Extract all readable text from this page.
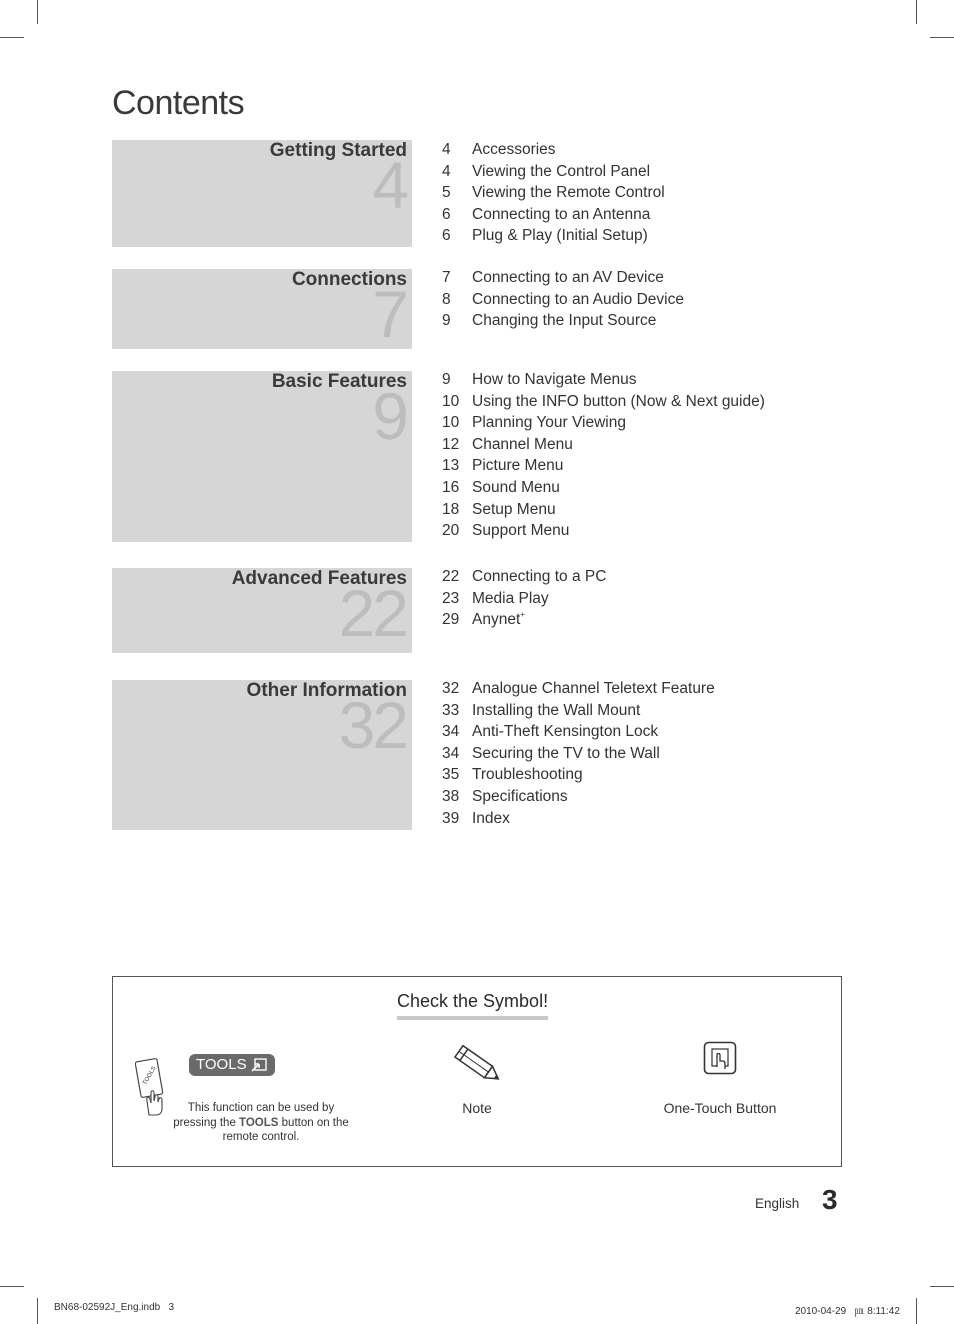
Contents
Getting Started
4 4	Accessories
4	Viewing the Control Panel
5	Viewing the Remote Control
6	Connecting to an Antenna
6	Plug & Play (Initial Setup)
Connections
7 7	Connecting to an AV Device
8	Connecting to an Audio Device
9	Changing the Input Source
Basic Features
9 9	How to Navigate Menus
10 Using the INFO button (Now & Next guide)
10 Planning Your Viewing
12 Channel Menu
13 Picture Menu
16 Sound Menu
18 Setup Menu
20 Support Menu
Advanced Features
22 22 Connecting to a PC
23 Media Play
29 Anynet+
Other Information
32 32 Analogue Channel Teletext Feature
33 Installing the Wall Mount
34 Anti-Theft Kensington Lock
34 Securing the TV to the Wall
35 Troubleshooting
38 Specifications
39 Index
Check the Symbol!
TOOLS
TOOLS
This function can be used by pressing the TOOLS button on the remote control.
Note	One-Touch Button
English 3
BN68-02592J_Eng.indb   3	2010-04-29   ㏘ 8:11:42
